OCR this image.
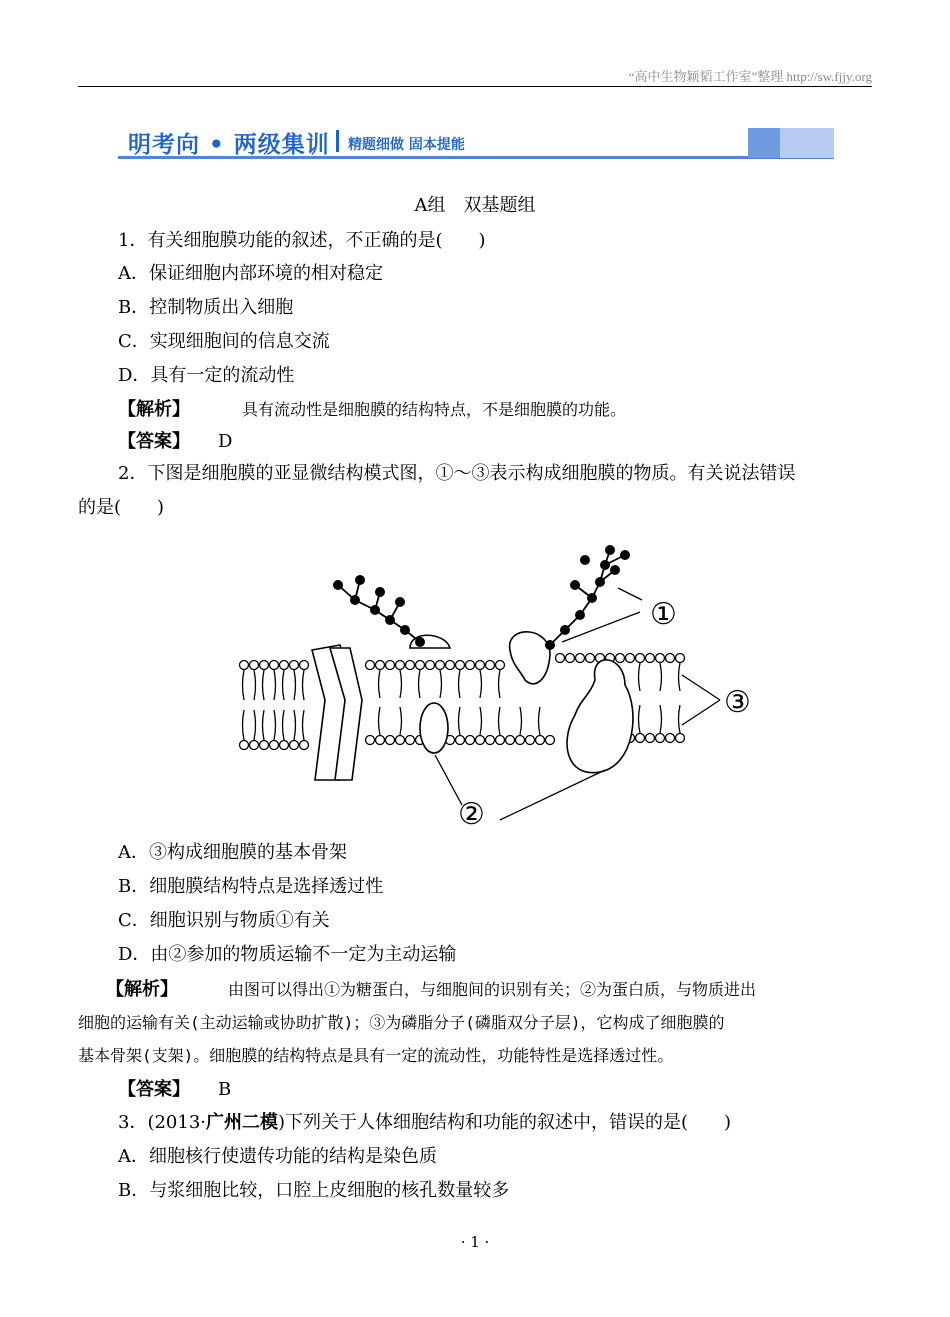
“高中生物颖韬工作室”整理 http://sw.fjjy.org
明考向 • 两级集训 精题细做 固本提能
A组　双基题组
1．有关细胞膜功能的叙述，不正确的是(　　)
A．保证细胞内部环境的相对稳定
B．控制物质出入细胞
C．实现细胞间的信息交流
D．具有一定的流动性
【解析】	具有流动性是细胞膜的结构特点，不是细胞膜的功能。
【答案】 D
2．下图是细胞膜的亚显微结构模式图，①～③表示构成细胞膜的物质。有关说法错误
的是(　　)
①
②
③
A．③构成细胞膜的基本骨架
B．细胞膜结构特点是选择透过性
C．细胞识别与物质①有关
D．由②参加的物质运输不一定为主动运输
【解析】	由图可以得出①为糖蛋白，与细胞间的识别有关；②为蛋白质，与物质进出
细胞的运输有关(主动运输或协助扩散)；③为磷脂分子(磷脂双分子层)，它构成了细胞膜的
基本骨架(支架)。细胞膜的结构特点是具有一定的流动性，功能特性是选择透过性。
【答案】 B
3．(2013·广州二模)下列关于人体细胞结构和功能的叙述中，错误的是(　　)
A．细胞核行使遗传功能的结构是染色质
B．与浆细胞比较，口腔上皮细胞的核孔数量较多
· 1 ·
